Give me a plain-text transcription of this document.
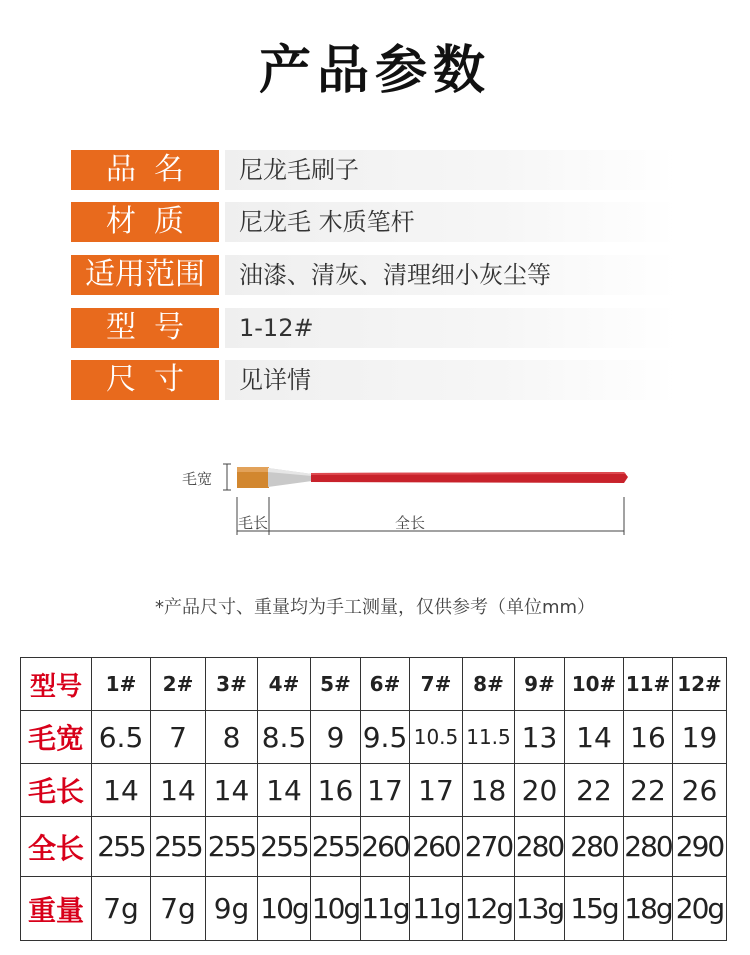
产品参数
品名	尼龙毛刷子
材质	尼龙毛 木质笔杆
适用范围	油漆、清灰、清理细小灰尘等
型号	1-12#
尺寸	见详情
毛宽
毛长	全长
*产品尺寸、重量均为手工测量，仅供参考（单位mm）
型号	1#	2#	3#	4#	5#	6#	7#	8#	9#	10#	11#	12#
毛宽	6.5	7	8	8.5	9	9.5	10.5	11.5	13	14	16	19
毛长	14	14	14	14	16	17	17	18	20	22	22	26
全长	255	255	255	255	255	260	260	270	280	280	280	290
重量	7g	7g	9g	10g	10g	11g	11g	12g	13g	15g	18g	20g
